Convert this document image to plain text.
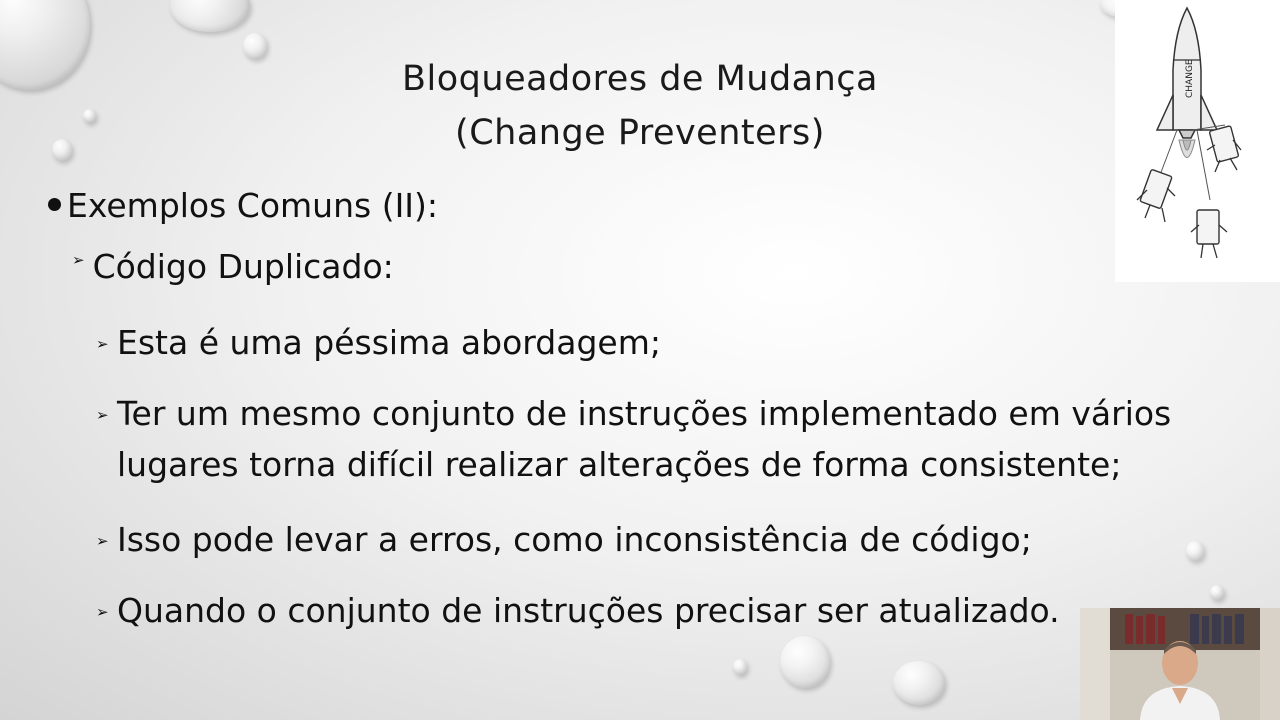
Bloqueadores de Mudança
(Change Preventers)
Exemplos Comuns (II):
➢ Código Duplicado:
➢ Esta é uma péssima abordagem;
➢ Ter um mesmo conjunto de instruções implementado em vários
lugares torna difícil realizar alterações de forma consistente;
➢ Isso pode levar a erros, como inconsistência de código;
➢ Quando o conjunto de instruções precisar ser atualizado.
CHANGE
